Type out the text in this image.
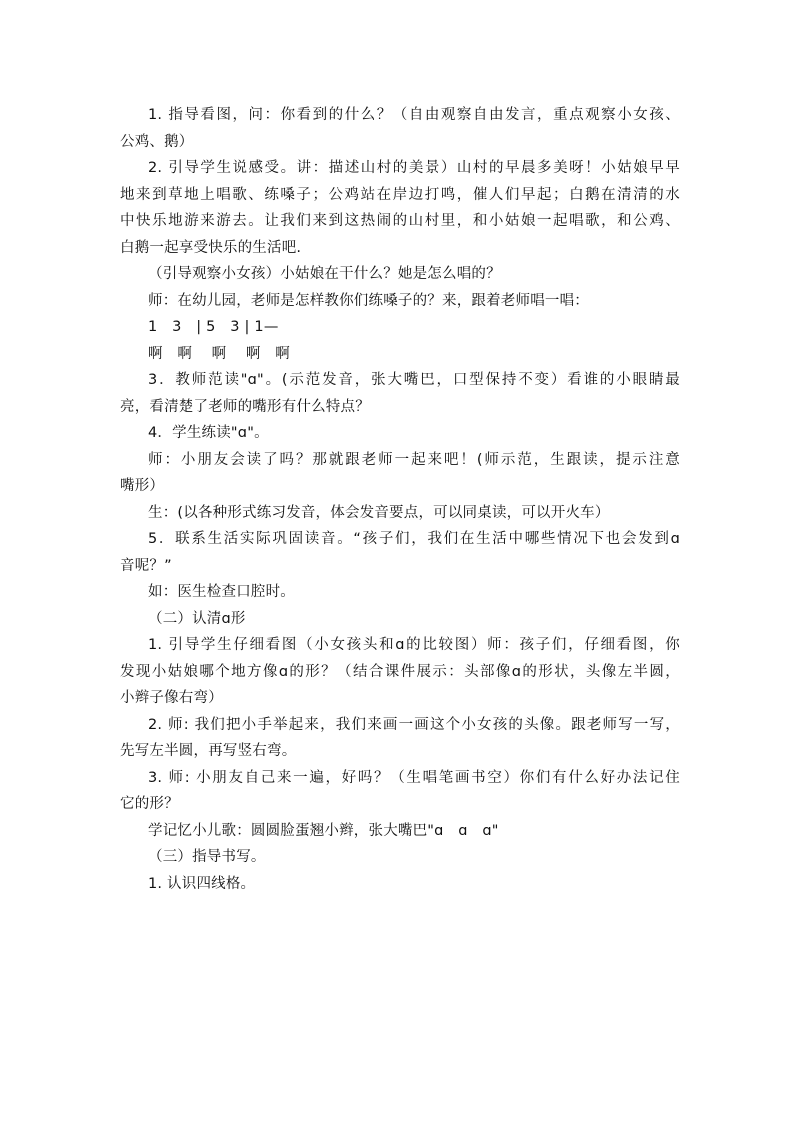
1. 指导看图，问：你看到的什么？（自由观察自由发言，重点观察小女孩、

公鸡、鹅）

2. 引导学生说感受。讲：描述山村的美景）山村的早晨多美呀！小姑娘早早

地来到草地上唱歌、练嗓子；公鸡站在岸边打鸣，催人们早起；白鹅在清清的水

中快乐地游来游去。让我们来到这热闹的山村里，和小姑娘一起唱歌，和公鸡、

白鹅一起享受快乐的生活吧.

（引导观察小女孩）小姑娘在干什么？她是怎么唱的？

师：在幼儿园，老师是怎样教你们练嗓子的？来，跟着老师唱一唱：

1　3　| 5　3 | 1—

啊　啊　 啊　 啊　啊

3．教师范读"ɑ"。(示范发音，张大嘴巴，口型保持不变）看谁的小眼睛最

亮，看清楚了老师的嘴形有什么特点？

4．学生练读"ɑ"。

师：小朋友会读了吗？那就跟老师一起来吧！(师示范，生跟读，提示注意

嘴形）

生：(以各种形式练习发音，体会发音要点，可以同桌读，可以开火车）

5．联系生活实际巩固读音。“孩子们，我们在生活中哪些情况下也会发到ɑ

音呢？”

如：医生检查口腔时。

（二）认清ɑ形

1. 引导学生仔细看图（小女孩头和ɑ的比较图）师：孩子们，仔细看图，你

发现小姑娘哪个地方像ɑ的形？（结合课件展示：头部像ɑ的形状，头像左半圆，

小辫子像右弯）

2. 师: 我们把小手举起来，我们来画一画这个小女孩的头像。跟老师写一写，

先写左半圆，再写竖右弯。

3. 师: 小朋友自己来一遍，好吗？（生唱笔画书空）你们有什么好办法记住

它的形？

学记忆小儿歌：圆圆脸蛋翘小辫，张大嘴巴"ɑ　ɑ　ɑ"

（三）指导书写。

1. 认识四线格。
